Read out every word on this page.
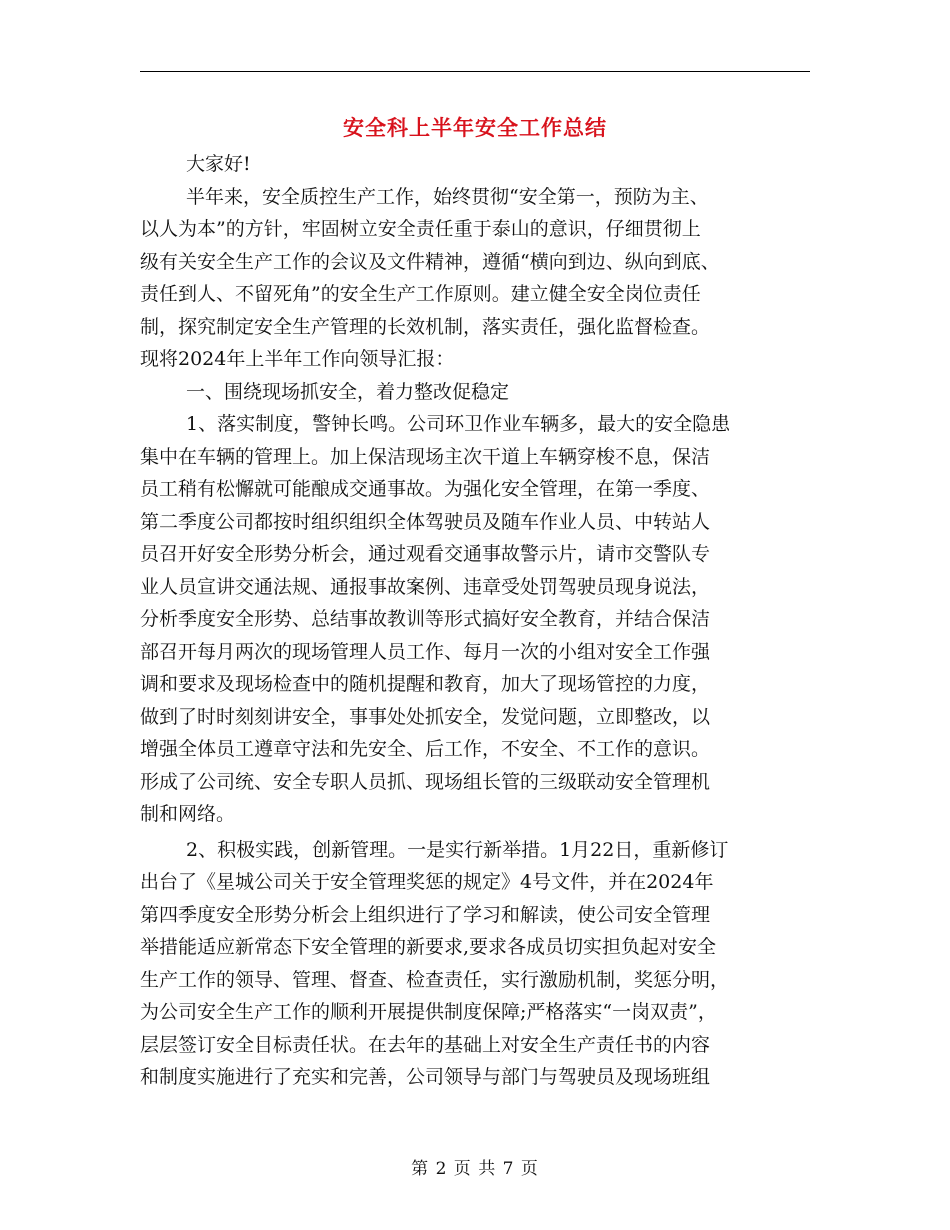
安全科上半年安全工作总结
大家好!
半年来，安全质控生产工作，始终贯彻“安全第一，预防为主、
以人为本”的方针，牢固树立安全责任重于泰山的意识，仔细贯彻上
级有关安全生产工作的会议及文件精神，遵循“横向到边、纵向到底、
责任到人、不留死角”的安全生产工作原则。建立健全安全岗位责任
制，探究制定安全生产管理的长效机制，落实责任，强化监督检查。
现将2024年上半年工作向领导汇报：
一、围绕现场抓安全，着力整改促稳定
1、落实制度，警钟长鸣。公司环卫作业车辆多，最大的安全隐患
集中在车辆的管理上。加上保洁现场主次干道上车辆穿梭不息，保洁
员工稍有松懈就可能酿成交通事故。为强化安全管理，在第一季度、
第二季度公司都按时组织组织全体驾驶员及随车作业人员、中转站人
员召开好安全形势分析会，通过观看交通事故警示片，请市交警队专
业人员宣讲交通法规、通报事故案例、违章受处罚驾驶员现身说法，
分析季度安全形势、总结事故教训等形式搞好安全教育，并结合保洁
部召开每月两次的现场管理人员工作、每月一次的小组对安全工作强
调和要求及现场检查中的随机提醒和教育，加大了现场管控的力度，
做到了时时刻刻讲安全，事事处处抓安全，发觉问题，立即整改，以
增强全体员工遵章守法和先安全、后工作，不安全、不工作的意识。
形成了公司统、安全专职人员抓、现场组长管的三级联动安全管理机
制和网络。
2、积极实践，创新管理。一是实行新举措。1月22日，重新修订
出台了《星城公司关于安全管理奖惩的规定》4号文件，并在2024年
第四季度安全形势分析会上组织进行了学习和解读，使公司安全管理
举措能适应新常态下安全管理的新要求,要求各成员切实担负起对安全
生产工作的领导、管理、督查、检查责任，实行激励机制，奖惩分明，
为公司安全生产工作的顺利开展提供制度保障;严格落实“一岗双责”，
层层签订安全目标责任状。在去年的基础上对安全生产责任书的内容
和制度实施进行了充实和完善，公司领导与部门与驾驶员及现场班组
第 2 页 共 7 页
